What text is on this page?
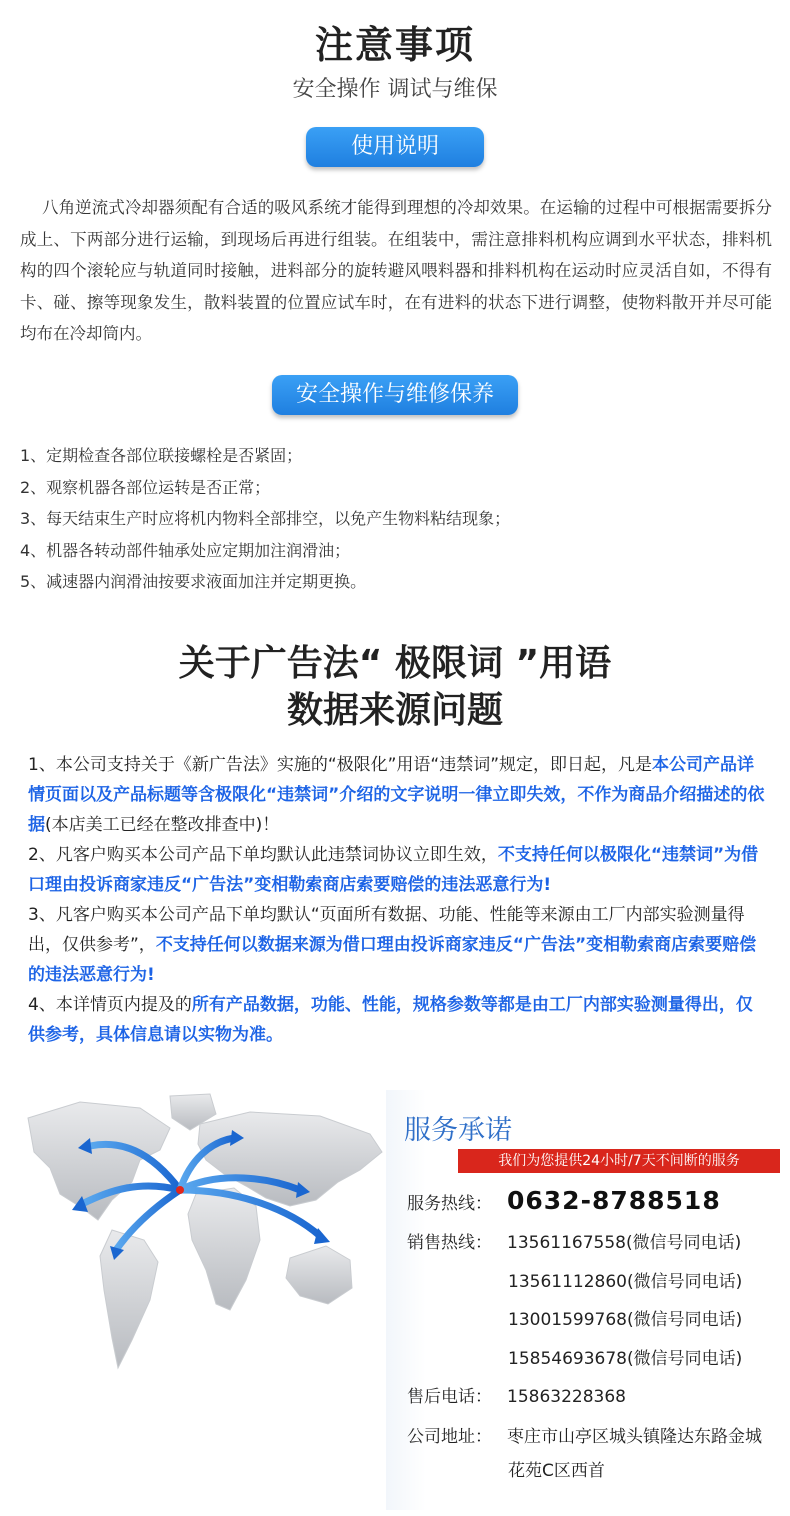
注意事项
安全操作 调试与维保
使用说明
八角逆流式冷却器须配有合适的吸风系统才能得到理想的冷却效果。在运输的过程中可根据需要拆分成上、下两部分进行运输，到现场后再进行组装。在组装中，需注意排料机构应调到水平状态，排料机构的四个滚轮应与轨道同时接触，进料部分的旋转避风喂料器和排料机构在运动时应灵活自如，不得有卡、碰、擦等现象发生，散料装置的位置应试车时，在有进料的状态下进行调整，使物料散开并尽可能均布在冷却筒内。
安全操作与维修保养
1、定期检查各部位联接螺栓是否紧固；
2、观察机器各部位运转是否正常；
3、每天结束生产时应将机内物料全部排空，以免产生物料粘结现象；
4、机器各转动部件轴承处应定期加注润滑油；
5、减速器内润滑油按要求液面加注并定期更换。
关于广告法“ 极限词 ”用语
数据来源问题

1、本公司支持关于《新广告法》实施的“极限化”用语“违禁词”规定，即日起，凡是本公司产品详情页面以及产品标题等含极限化“违禁词”介绍的文字说明一律立即失效，不作为商品介绍描述的依据(本店美工已经在整改排查中)！

2、凡客户购买本公司产品下单均默认此违禁词协议立即生效，不支持任何以极限化“违禁词”为借口理由投诉商家违反“广告法”变相勒索商店索要赔偿的违法恶意行为!

3、凡客户购买本公司产品下单均默认“页面所有数据、功能、性能等来源由工厂内部实验测量得出，仅供参考”，不支持任何以数据来源为借口理由投诉商家违反“广告法”变相勒索商店索要赔偿的违法恶意行为!

4、本详情页内提及的所有产品数据，功能、性能，规格参数等都是由工厂内部实验测量得出，仅供参考，具体信息请以实物为准。

服务承诺
我们为您提供24小时/7天不间断的服务
服务热线： 0632-8788518
销售热线： 13561167558(微信号同电话)
13561112860(微信号同电话)
13001599768(微信号同电话)
15854693678(微信号同电话)
售后电话： 15863228368
公司地址： 枣庄市山亭区城头镇隆达东路金城
花苑C区西首
